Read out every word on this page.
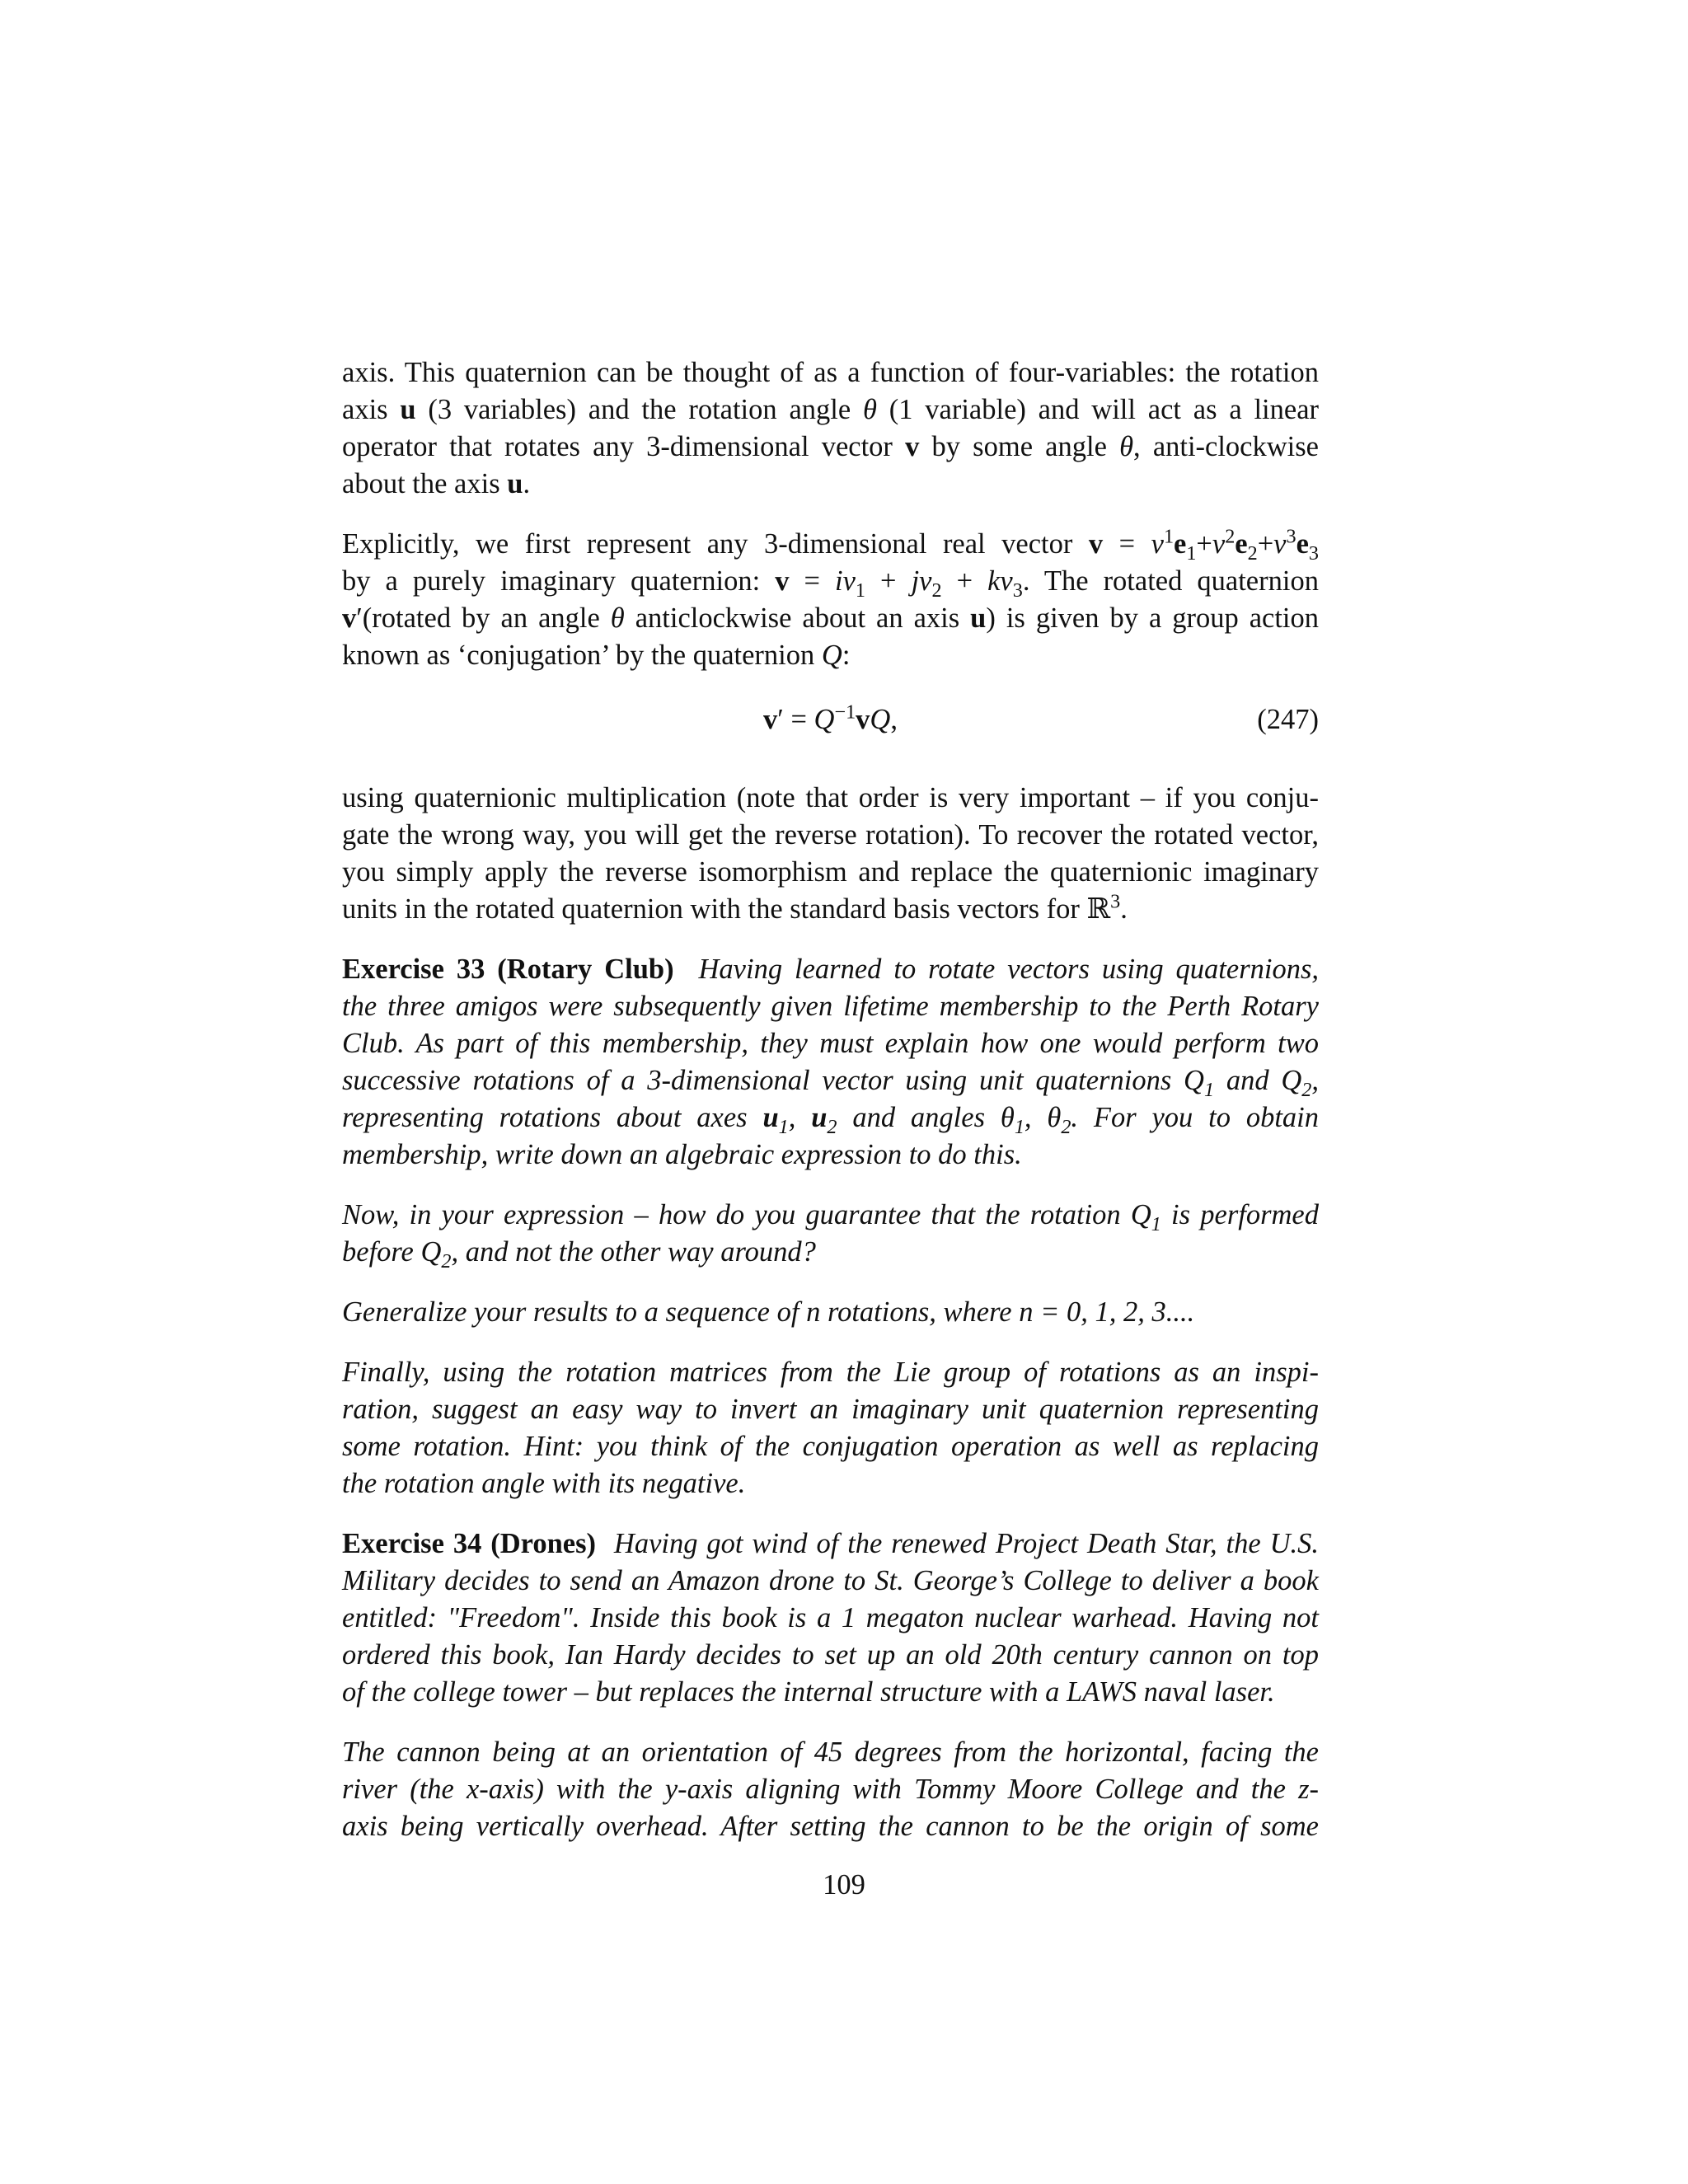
axis. This quaternion can be thought of as a function of four-variables: the rotation
axis u (3 variables) and the rotation angle θ (1 variable) and will act as a linear
operator that rotates any 3-dimensional vector v by some angle θ, anti-clockwise
about the axis u.
Explicitly, we first represent any 3-dimensional real vector $v = v^1e_1+v^2e_2+v^3e_3$
by a purely imaginary quaternion: $v = iv_1 + jv_2 + kv_3$. The rotated quaternion
v′(rotated by an angle θ anticlockwise about an axis u) is given by a group action
known as ‘conjugation’ by the quaternion Q:
$v' = Q^{-1}vQ$,	(247)
using quaternionic multiplication (note that order is very important – if you conju-
gate the wrong way, you will get the reverse rotation). To recover the rotated vector,
you simply apply the reverse isomorphism and replace the quaternionic imaginary
units in the rotated quaternion with the standard basis vectors for ℝ$^3$.
Exercise 33 (Rotary Club) Having learned to rotate vectors using quaternions,
the three amigos were subsequently given lifetime membership to the Perth Rotary
Club. As part of this membership, they must explain how one would perform two
successive rotations of a 3-dimensional vector using unit quaternions $Q_1$ and $Q_2$,
representing rotations about axes $u_1$, $u_2$ and angles $\theta_1$, $\theta_2$. For you to obtain
membership, write down an algebraic expression to do this.
Now, in your expression – how do you guarantee that the rotation $Q_1$ is performed
before $Q_2$, and not the other way around?
Generalize your results to a sequence of n rotations, where n = 0, 1, 2, 3....
Finally, using the rotation matrices from the Lie group of rotations as an inspi-
ration, suggest an easy way to invert an imaginary unit quaternion representing
some rotation. Hint: you think of the conjugation operation as well as replacing
the rotation angle with its negative.
Exercise 34 (Drones) Having got wind of the renewed Project Death Star, the U.S.
Military decides to send an Amazon drone to St. George’s College to deliver a book
entitled: "Freedom". Inside this book is a 1 megaton nuclear warhead. Having not
ordered this book, Ian Hardy decides to set up an old 20th century cannon on top
of the college tower – but replaces the internal structure with a LAWS naval laser.
The cannon being at an orientation of 45 degrees from the horizontal, facing the
river (the x-axis) with the y-axis aligning with Tommy Moore College and the z-
axis being vertically overhead. After setting the cannon to be the origin of some
109
